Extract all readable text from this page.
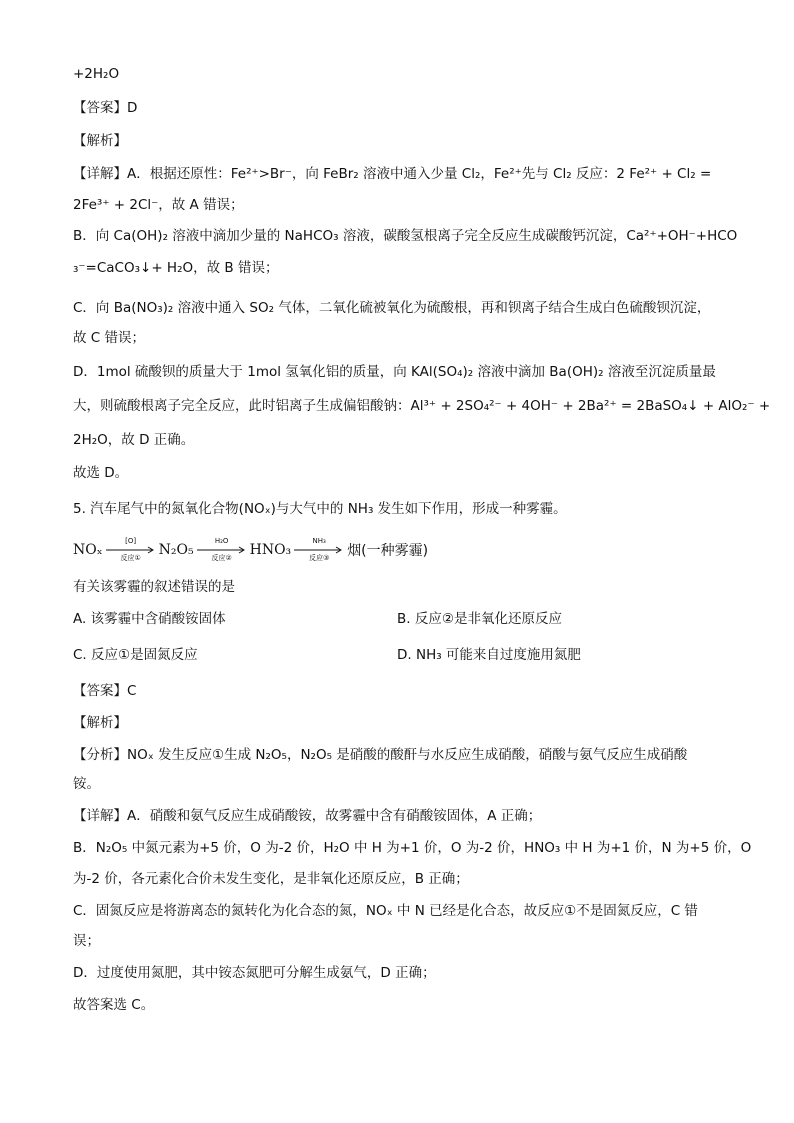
+2H₂O
【答案】D
【解析】
【详解】A．根据还原性：Fe²⁺>Br⁻，向 FeBr₂ 溶液中通入少量 Cl₂，Fe²⁺先与 Cl₂ 反应：2 Fe²⁺ + Cl₂ =
2Fe³⁺ + 2Cl⁻，故 A 错误；
B．向 Ca(OH)₂ 溶液中滴加少量的 NaHCO₃ 溶液，碳酸氢根离子完全反应生成碳酸钙沉淀，Ca²⁺+OH⁻+HCO
₃⁻=CaCO₃↓+ H₂O，故 B 错误；
C．向 Ba(NO₃)₂ 溶液中通入 SO₂ 气体，二氧化硫被氧化为硫酸根，再和钡离子结合生成白色硫酸钡沉淀，
故 C 错误；
D．1mol 硫酸钡的质量大于 1mol 氢氧化铝的质量，向 KAl(SO₄)₂ 溶液中滴加 Ba(OH)₂ 溶液至沉淀质量最
大，则硫酸根离子完全反应，此时铝离子生成偏铝酸钠：Al³⁺ + 2SO₄²⁻ + 4OH⁻ + 2Ba²⁺ = 2BaSO₄↓ + AlO₂⁻ +
2H₂O，故 D 正确。
故选 D。
5. 汽车尾气中的氮氧化合物(NOₓ)与大气中的 NH₃ 发生如下作用，形成一种雾霾。
NOₓ
[O]
反应①	N₂O₅
H₂O
反应②	HNO₃
NH₃
反应③	烟(一种雾霾)
有关该雾霾的叙述错误的是
A. 该雾霾中含硝酸铵固体	B. 反应②是非氧化还原反应
C. 反应①是固氮反应	D. NH₃ 可能来自过度施用氮肥
【答案】C
【解析】
【分析】NOₓ 发生反应①生成 N₂O₅，N₂O₅ 是硝酸的酸酐与水反应生成硝酸，硝酸与氨气反应生成硝酸
铵。
【详解】A．硝酸和氨气反应生成硝酸铵，故雾霾中含有硝酸铵固体，A 正确；
B．N₂O₅ 中氮元素为+5 价，O 为-2 价，H₂O 中 H 为+1 价，O 为-2 价，HNO₃ 中 H 为+1 价，N 为+5 价，O
为-2 价，各元素化合价未发生变化，是非氧化还原反应，B 正确；
C．固氮反应是将游离态的氮转化为化合态的氮，NOₓ 中 N 已经是化合态，故反应①不是固氮反应，C 错
误；
D．过度使用氮肥，其中铵态氮肥可分解生成氨气，D 正确；
故答案选 C。
